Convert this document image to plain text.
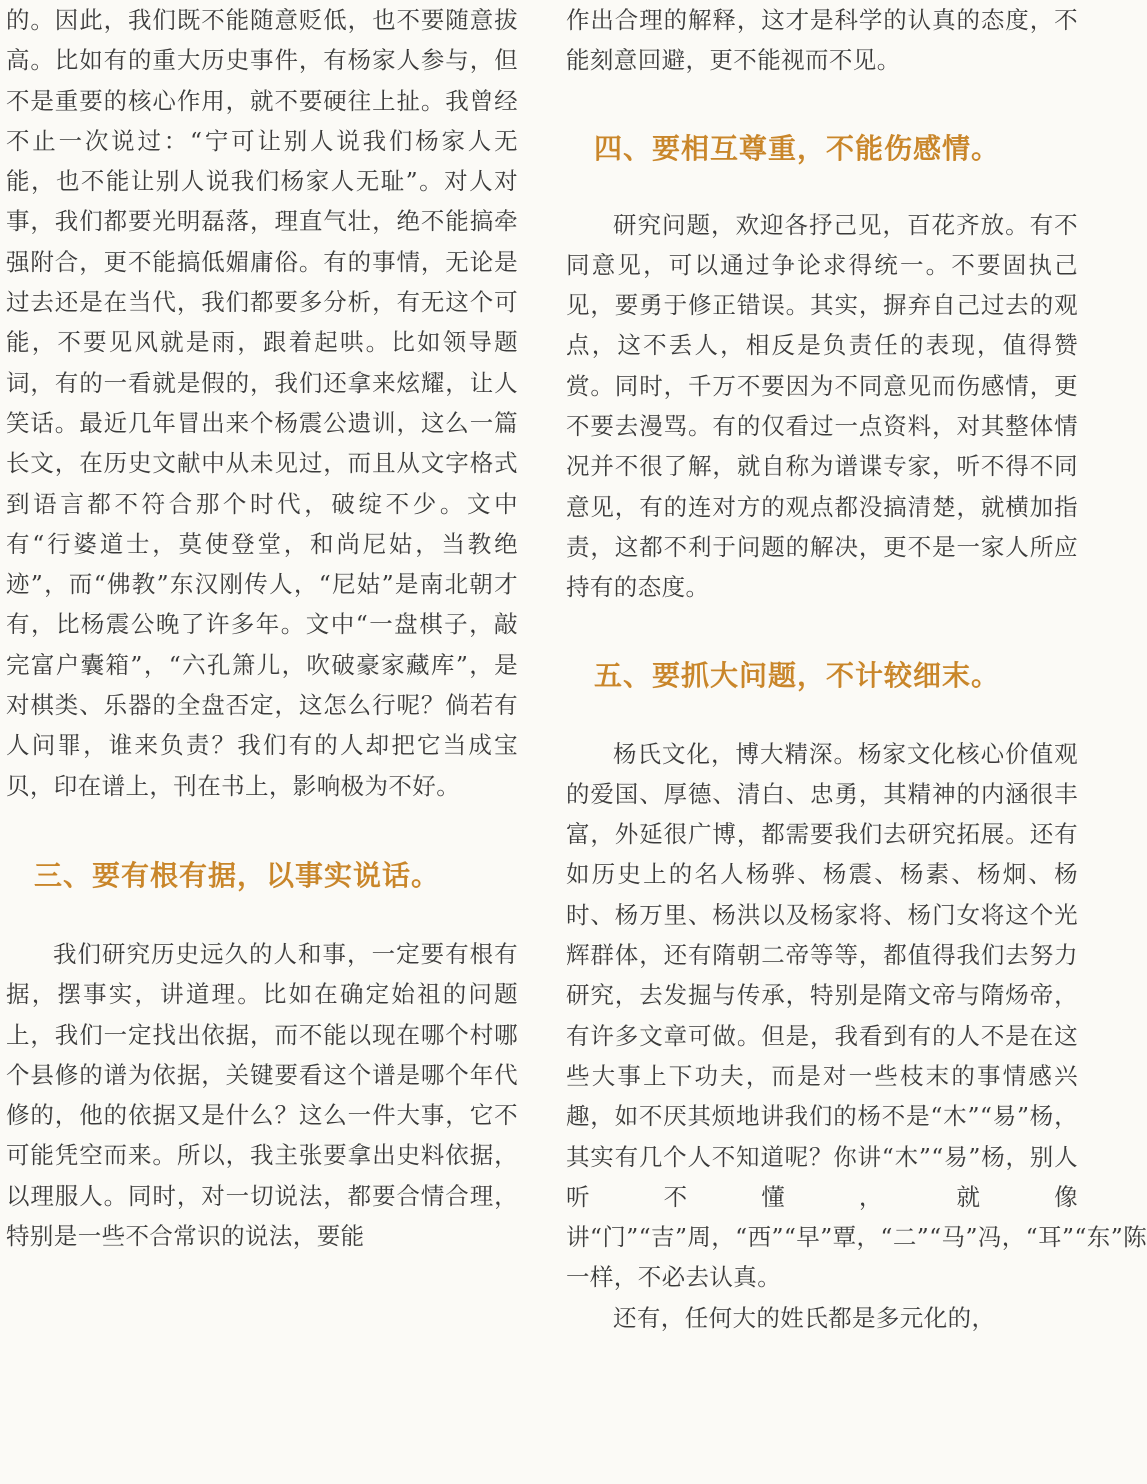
的。因此，我们既不能随意贬低，也不要随意拔高。比如有的重大历史事件，有杨家人参与，但不是重要的核心作用，就不要硬往上扯。我曾经不止一次说过：“宁可让别人说我们杨家人无能，也不能让别人说我们杨家人无耻”。对人对事，我们都要光明磊落，理直气壮，绝不能搞牵强附合，更不能搞低媚庸俗。有的事情，无论是过去还是在当代，我们都要多分析，有无这个可能，不要见风就是雨，跟着起哄。比如领导题词，有的一看就是假的，我们还拿来炫耀，让人笑话。最近几年冒出来个杨震公遗训，这么一篇长文，在历史文献中从未见过，而且从文字格式到语言都不符合那个时代，破绽不少。文中有“行婆道士，莫使登堂，和尚尼姑，当教绝迹”，而“佛教”东汉刚传人，“尼姑”是南北朝才有，比杨震公晚了许多年。文中“一盘棋子，敲完富户囊箱”，“六孔箫儿，吹破豪家藏库”，是对棋类、乐器的全盘否定，这怎么行呢？倘若有人问罪，谁来负责？我们有的人却把它当成宝贝，印在谱上，刊在书上，影响极为不好。

三、要有根有据，以事实说话。

我们研究历史远久的人和事，一定要有根有据，摆事实，讲道理。比如在确定始祖的问题上，我们一定找出依据，而不能以现在哪个村哪个县修的谱为依据，关键要看这个谱是哪个年代修的，他的依据又是什么？这么一件大事，它不可能凭空而来。所以，我主张要拿出史料依据，以理服人。同时，对一切说法，都要合情合理，特别是一些不合常识的说法，要能

作出合理的解释，这才是科学的认真的态度，不能刻意回避，更不能视而不见。

四、要相互尊重，不能伤感情。

研究问题，欢迎各抒己见，百花齐放。有不同意见，可以通过争论求得统一。不要固执己见，要勇于修正错误。其实，摒弃自己过去的观点，这不丢人，相反是负责任的表现，值得赞赏。同时，千万不要因为不同意见而伤感情，更不要去漫骂。有的仅看过一点资料，对其整体情况并不很了解，就自称为谱谍专家，听不得不同意见，有的连对方的观点都没搞清楚，就横加指责，这都不利于问题的解决，更不是一家人所应持有的态度。

五、要抓大问题，不计较细末。

杨氏文化，博大精深。杨家文化核心价值观的爱国、厚德、清白、忠勇，其精神的内涵很丰富，外延很广博，都需要我们去研究拓展。还有如历史上的名人杨骅、杨震、杨素、杨炯、杨时、杨万里、杨洪以及杨家将、杨门女将这个光辉群体，还有隋朝二帝等等，都值得我们去努力研究，去发掘与传承，特别是隋文帝与隋炀帝，有许多文章可做。但是，我看到有的人不是在这些大事上下功夫，而是对一些枝末的事情感兴趣，如不厌其烦地讲我们的杨不是“木”“易”杨，其实有几个人不知道呢？你讲“木”“易”杨，别人听不懂，就像讲“门”“吉”周，“西”“早”覃，“二”“马”冯，“耳”“东”陈一样，不必去认真。

还有，任何大的姓氏都是多元化的，
